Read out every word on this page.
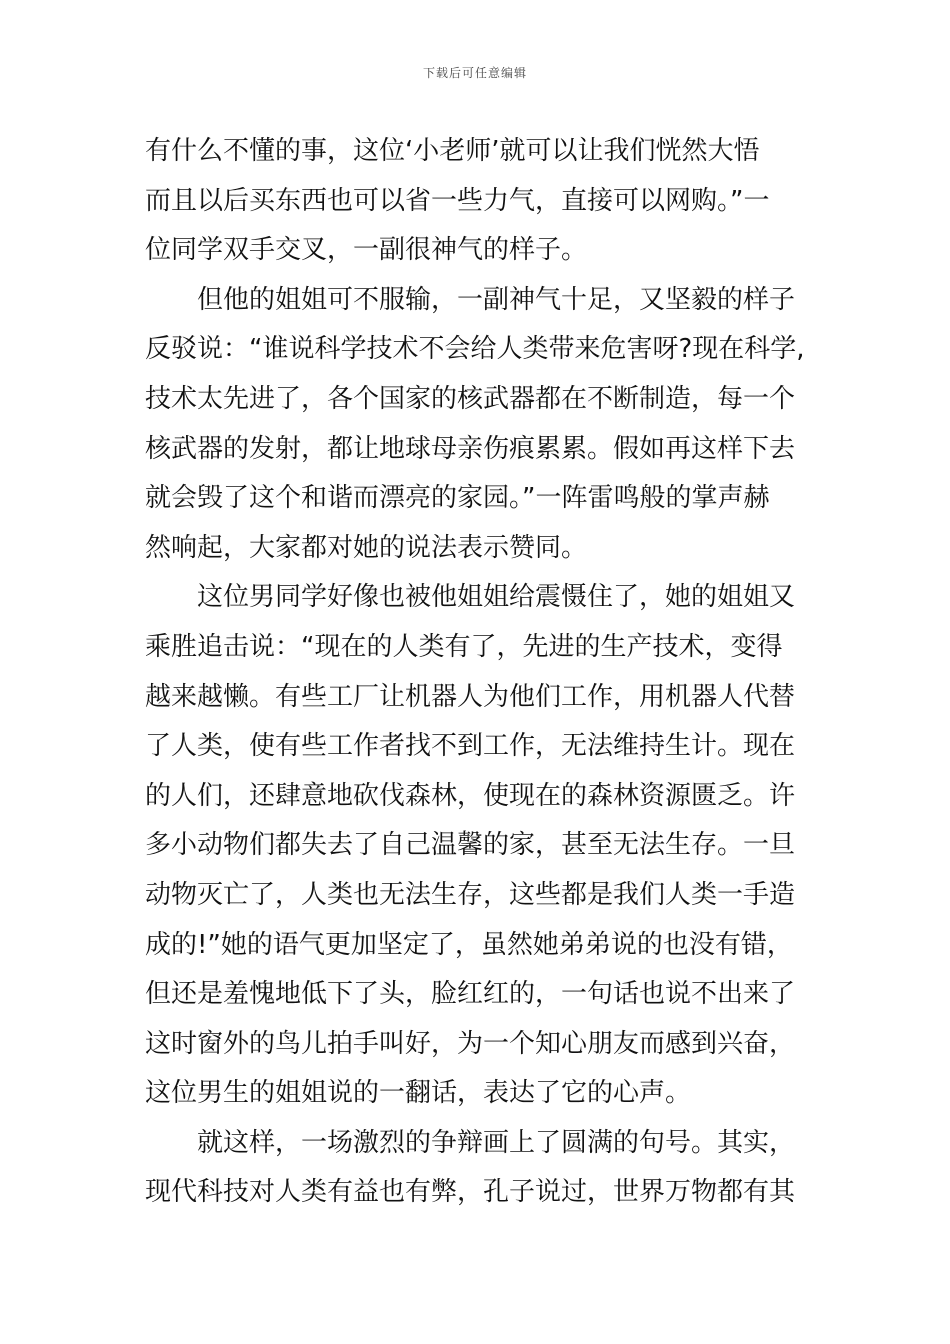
下载后可任意编辑
有什么不懂的事，这位‘小老师’就可以让我们恍然大悟
而且以后买东西也可以省一些力气，直接可以网购。”一
位同学双手交叉，一副很神气的样子。
但他的姐姐可不服输，一副神气十足，又坚毅的样子
反驳说：“谁说科学技术不会给人类带来危害呀?现在科学,
技术太先进了，各个国家的核武器都在不断制造，每一个
核武器的发射，都让地球母亲伤痕累累。假如再这样下去
就会毁了这个和谐而漂亮的家园。”一阵雷鸣般的掌声赫
然响起，大家都对她的说法表示赞同。
这位男同学好像也被他姐姐给震慑住了，她的姐姐又
乘胜追击说：“现在的人类有了，先进的生产技术，变得
越来越懒。有些工厂让机器人为他们工作，用机器人代替
了人类，使有些工作者找不到工作，无法维持生计。现在
的人们，还肆意地砍伐森林，使现在的森林资源匮乏。许
多小动物们都失去了自己温馨的家，甚至无法生存。一旦
动物灭亡了，人类也无法生存，这些都是我们人类一手造
成的!”她的语气更加坚定了，虽然她弟弟说的也没有错，
但还是羞愧地低下了头，脸红红的，一句话也说不出来了
这时窗外的鸟儿拍手叫好，为一个知心朋友而感到兴奋，
这位男生的姐姐说的一翻话，表达了它的心声。
就这样，一场激烈的争辩画上了圆满的句号。其实，
现代科技对人类有益也有弊，孔子说过，世界万物都有其
